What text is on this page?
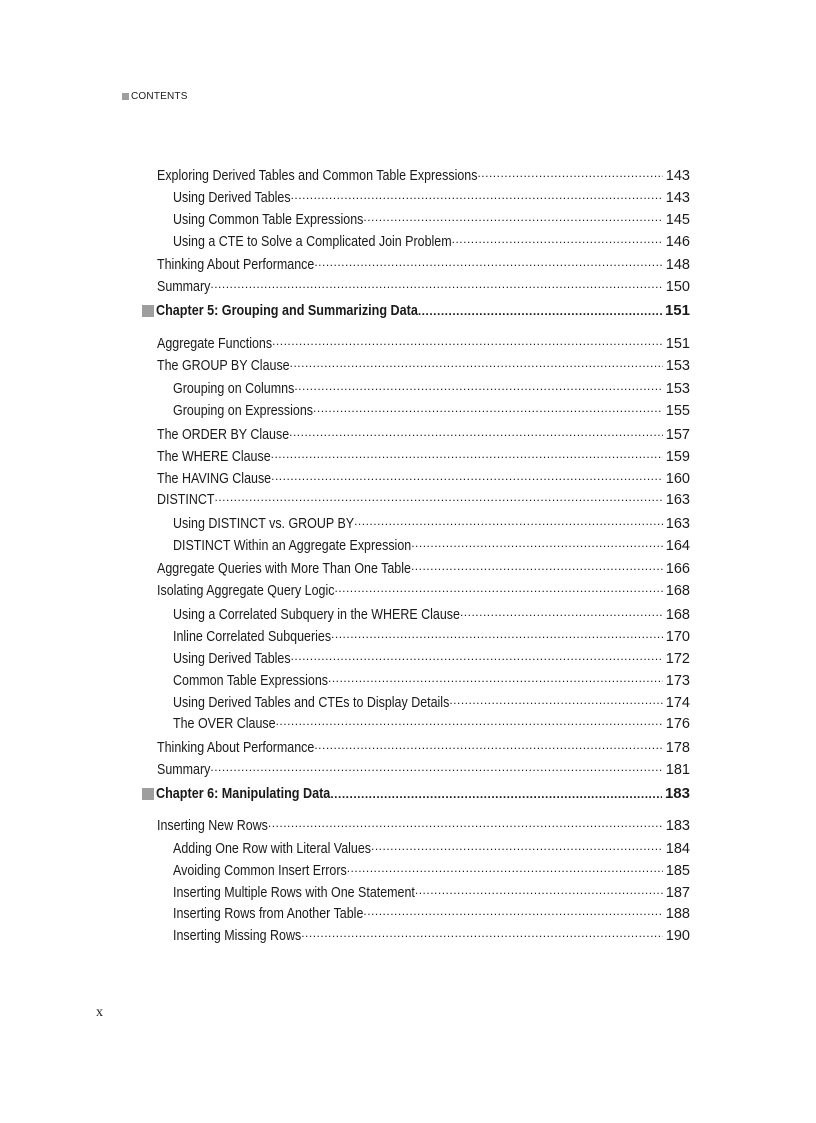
CONTENTS
Exploring Derived Tables and Common Table Expressions .....	143
Using Derived Tables .....	143
Using Common Table Expressions .....	145
Using a CTE to Solve a Complicated Join Problem .....	146
Thinking About Performance .....	148
Summary .....	150
Chapter 5: Grouping and Summarizing Data .....	151
Aggregate Functions .....	151
The GROUP BY Clause .....	153
Grouping on Columns .....	153
Grouping on Expressions .....	155
The ORDER BY Clause .....	157
The WHERE Clause .....	159
The HAVING Clause .....	160
DISTINCT .....	163
Using DISTINCT vs. GROUP BY .....	163
DISTINCT Within an Aggregate Expression .....	164
Aggregate Queries with More Than One Table .....	166
Isolating Aggregate Query Logic .....	168
Using a Correlated Subquery in the WHERE Clause .....	168
Inline Correlated Subqueries .....	170
Using Derived Tables .....	172
Common Table Expressions .....	173
Using Derived Tables and CTEs to Display Details .....	174
The OVER Clause .....	176
Thinking About Performance .....	178
Summary .....	181
Chapter 6: Manipulating Data .....	183
Inserting New Rows .....	183
Adding One Row with Literal Values .....	184
Avoiding Common Insert Errors .....	185
Inserting Multiple Rows with One Statement .....	187
Inserting Rows from Another Table .....	188
Inserting Missing Rows .....	190
x
